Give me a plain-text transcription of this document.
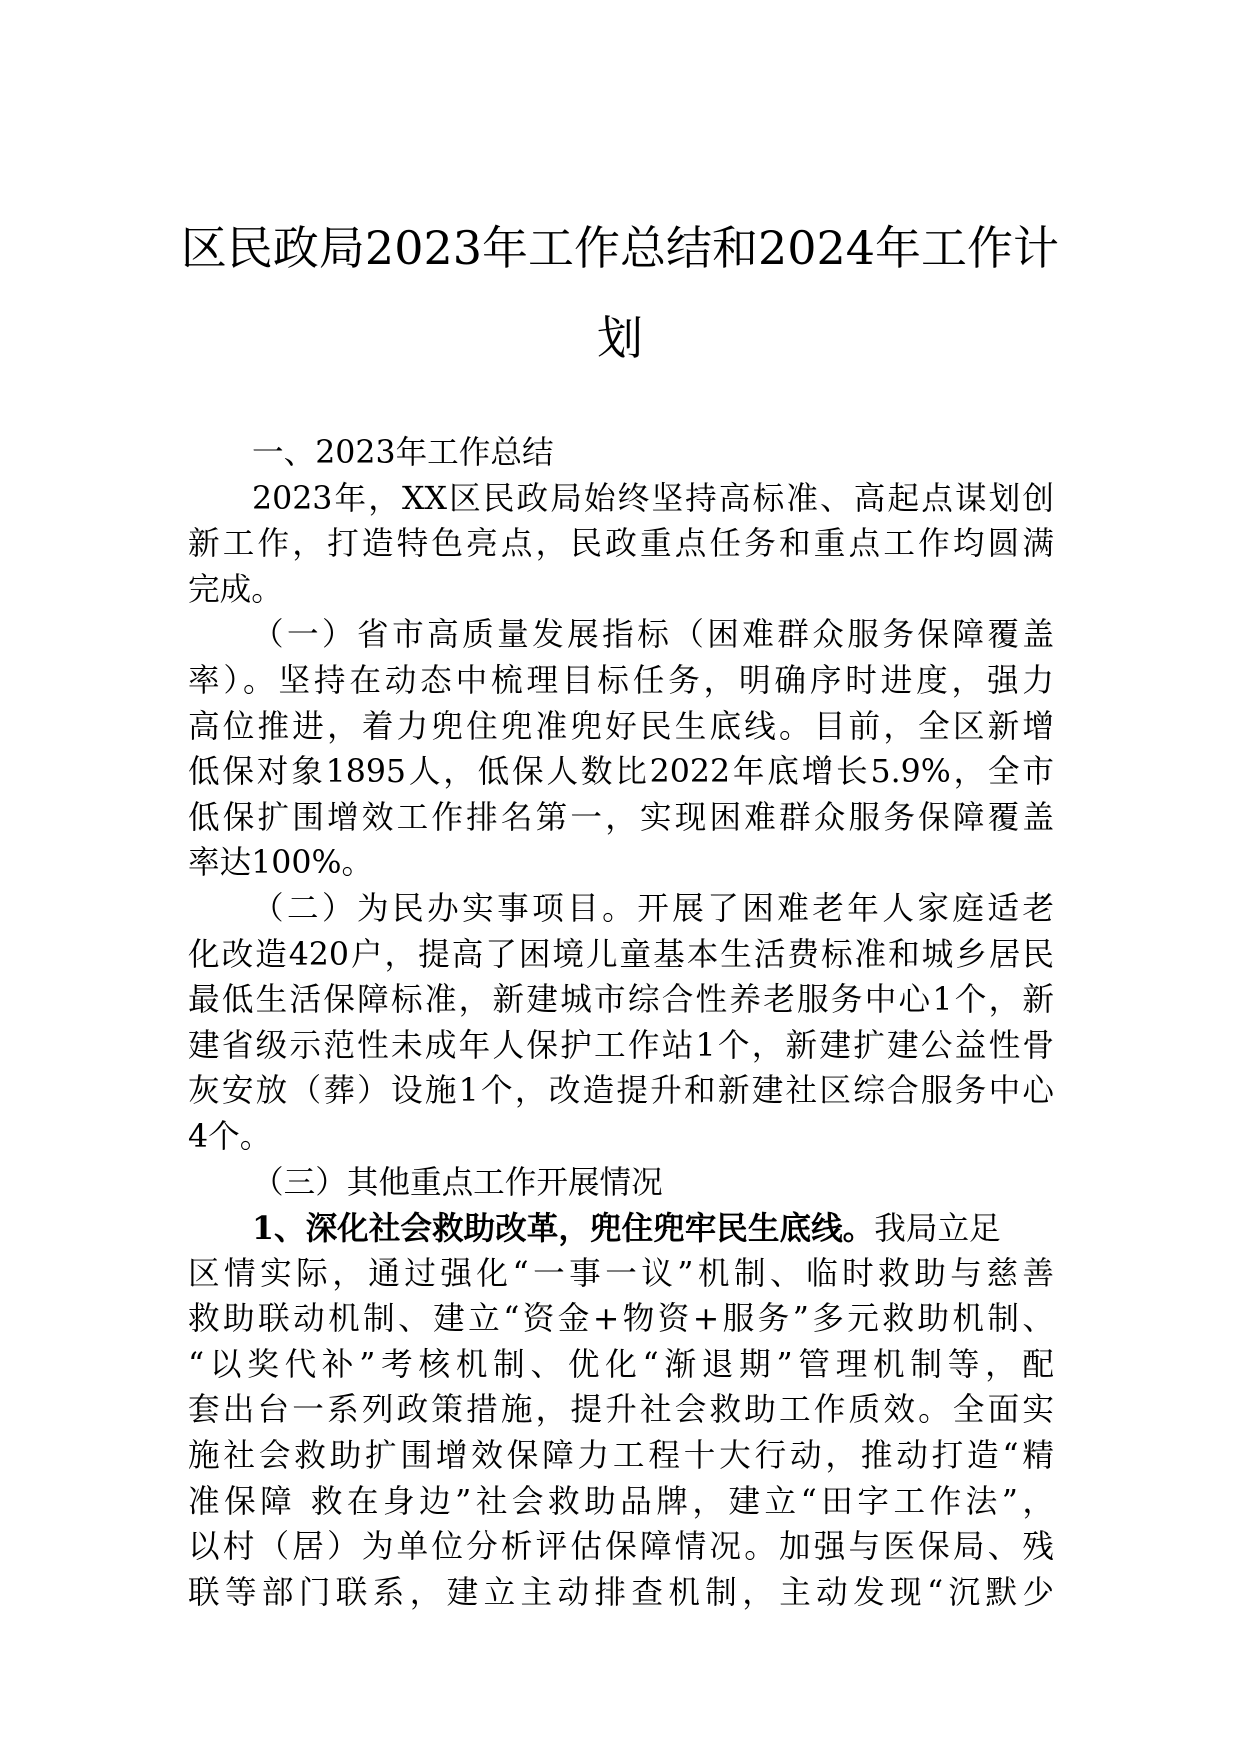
区民政局2023年工作总结和2024年工作计
划
一、2023年工作总结
2023年，XX区民政局始终坚持高标准、高起点谋划创
新工作，打造特色亮点，民政重点任务和重点工作均圆满
完成。
（一）省市高质量发展指标（困难群众服务保障覆盖
率）。坚持在动态中梳理目标任务，明确序时进度，强力
高位推进，着力兜住兜准兜好民生底线。目前，全区新增
低保对象1895人，低保人数比2022年底增长5.9%，全市
低保扩围增效工作排名第一，实现困难群众服务保障覆盖
率达100%。
（二）为民办实事项目。开展了困难老年人家庭适老
化改造420户，提高了困境儿童基本生活费标准和城乡居民
最低生活保障标准，新建城市综合性养老服务中心1个，新
建省级示范性未成年人保护工作站1个，新建扩建公益性骨
灰安放（葬）设施1个，改造提升和新建社区综合服务中心
4个。
（三）其他重点工作开展情况
1、深化社会救助改革，兜住兜牢民生底线。我局立足
区情实际，通过强化“一事一议”机制、临时救助与慈善
救助联动机制、建立“资金+物资+服务”多元救助机制、
“以奖代补”考核机制、优化“渐退期”管理机制等，配
套出台一系列政策措施，提升社会救助工作质效。全面实
施社会救助扩围增效保障力工程十大行动，推动打造“精
准保障 救在身边”社会救助品牌，建立“田字工作法”，
以村（居）为单位分析评估保障情况。加强与医保局、残
联等部门联系，建立主动排查机制，主动发现“沉默少
